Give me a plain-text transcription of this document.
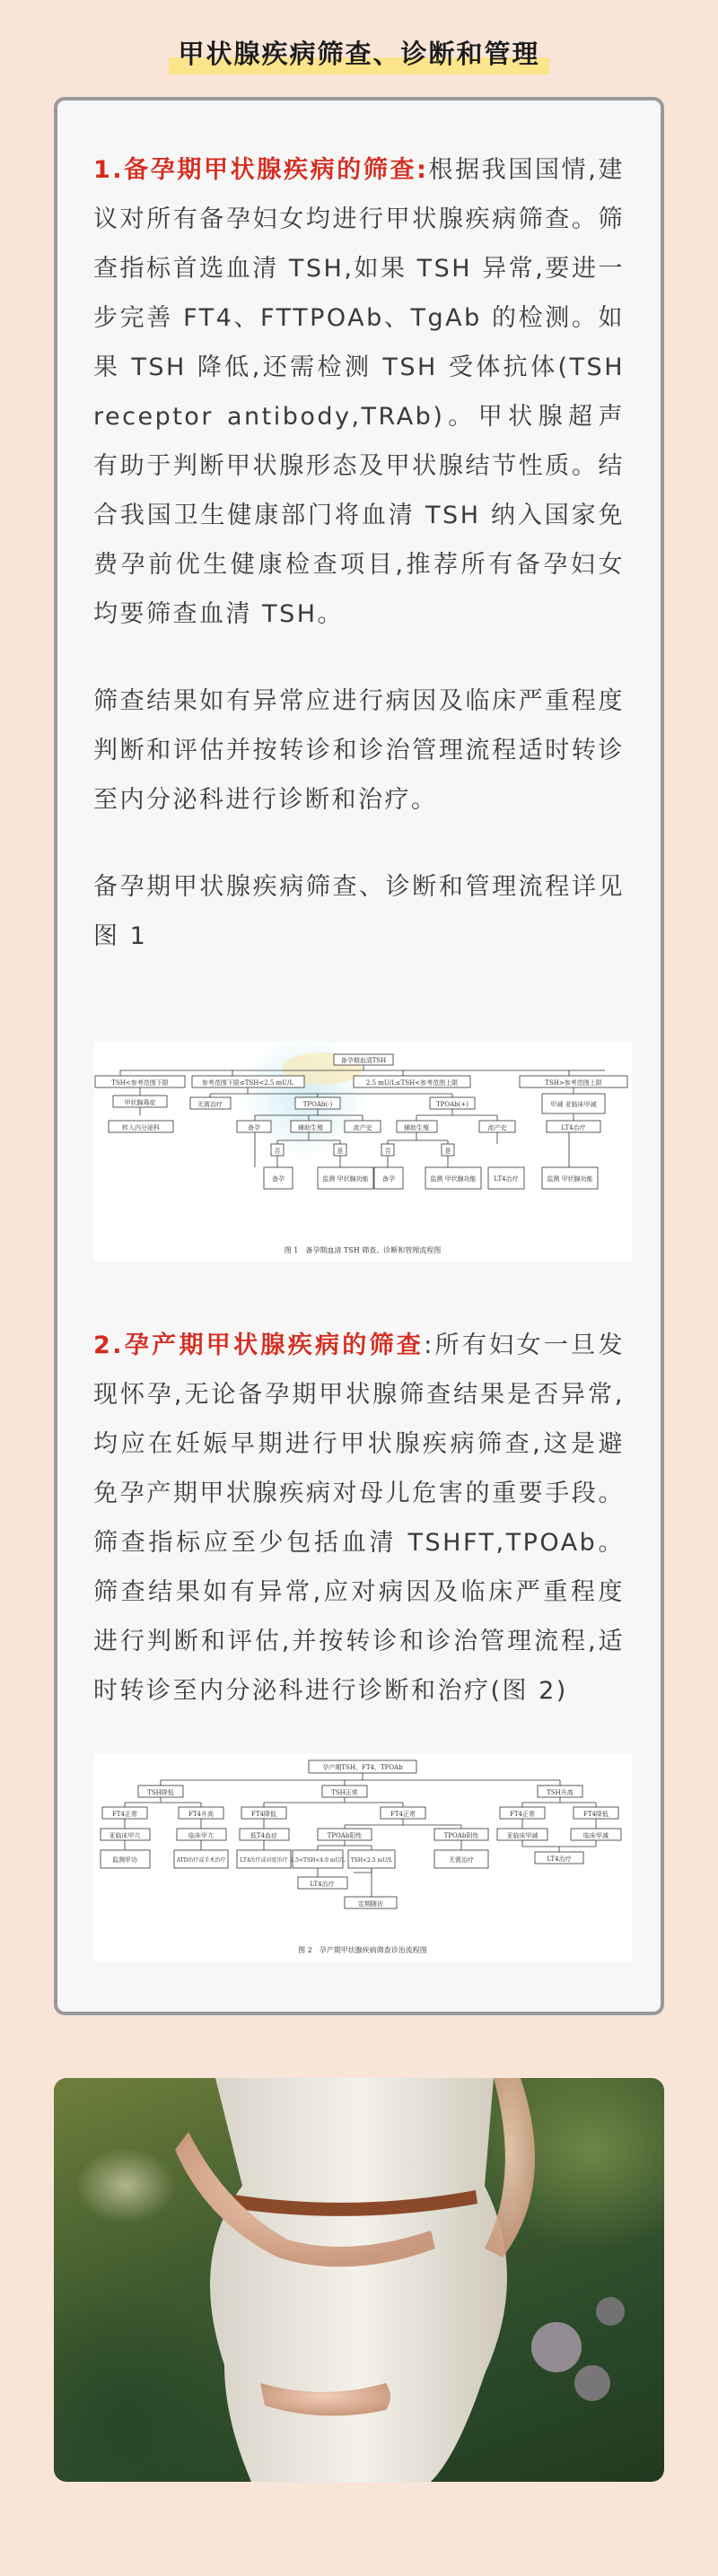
甲状腺疾病筛查、诊断和管理

1.备孕期甲状腺疾病的筛查:根据我国国情,建议对所有备孕妇女均进行甲状腺疾病筛查。筛查指标首选血清 TSH,如果 TSH 异常,要进一步完善 FT4、FTTPOAb、TgAb 的检测。如果 TSH 降低,还需检测 TSH 受体抗体(TSH receptor antibody,TRAb)。甲状腺超声有助于判断甲状腺形态及甲状腺结节性质。结合我国卫生健康部门将血清 TSH 纳入国家免费孕前优生健康检查项目,推荐所有备孕妇女均要筛查血清 TSH。

筛查结果如有异常应进行病因及临床严重程度判断和评估并按转诊和诊治管理流程适时转诊至内分泌科进行诊断和治疗。

备孕期甲状腺疾病筛查、诊断和管理流程详见图 1

备孕期血清TSH
TSH<参考范围下限	参考范围下限≤TSH<2.5 mU/L	2.5 mU/L≤TSH<参考范围上限	TSH>参考范围上限
甲状腺毒症
转入内分泌科
无需治疗	TPOAb(-)	TPOAb(+)	甲减 亚临床甲减
LT4治疗
备孕	辅助生殖	流产史	辅助生殖	流产史
否	是	否	是
备孕	监测 甲状腺功能 备孕	监测 甲状腺功能	LT4治疗	监测 甲状腺功能
图 1　备孕期血清 TSH 筛查、诊断和管理流程图

2.孕产期甲状腺疾病的筛查:所有妇女一旦发现怀孕,无论备孕期甲状腺筛查结果是否异常,均应在妊娠早期进行甲状腺疾病筛查,这是避免孕产期甲状腺疾病对母儿危害的重要手段。筛查指标应至少包括血清 TSHFT,TPOAb。筛查结果如有异常,应对病因及临床严重程度进行判断和评估,并按转诊和诊治管理流程,适时转诊至内分泌科进行诊断和治疗(图 2)

孕产期TSH、FT4、TPOAb
TSH降低	TSH正常	TSH升高
FT4正常	FT4升高	FT4降低	FT4正常	FT4正常	FT4降低
亚临床甲亢	临床甲亢	低T4血症	TPOAb阳性	TPOAb阴性	亚临床甲减	临床甲减
监测甲功	ATD治疗或手术治疗	LT4治疗或对症治疗 2.5<TSH<4.0 mU/L TSH<2.5 mU/L	无需治疗	LT4治疗
LT4治疗
定期随访
图 2　孕产期甲状腺疾病筛查诊治流程图
